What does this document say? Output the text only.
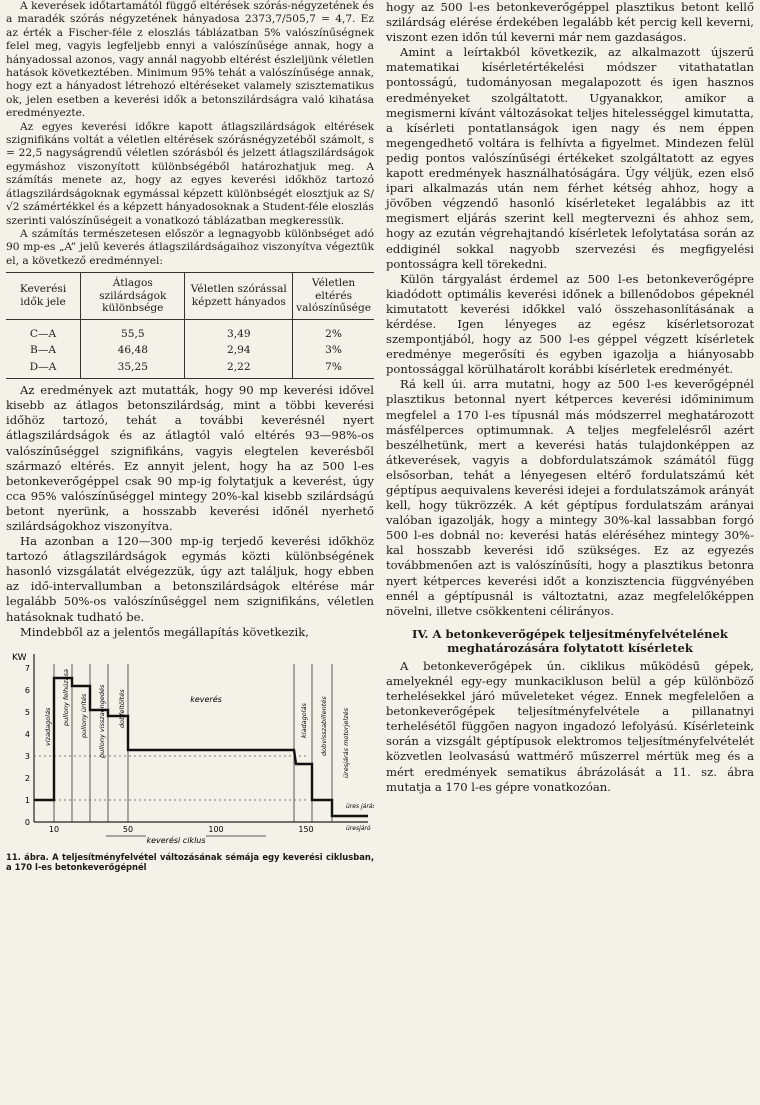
A keverések időtartamától függő eltérések szórás-négyzetének és a maradék szórás négyzetének hányadosa 2373,7/505,7 = 4,7. Ez az érték a Fischer-féle z eloszlás táblázatban 5% valószínűségnek felel meg, vagyis legfeljebb ennyi a valószínűsége annak, hogy a hányadossal azonos, vagy annál nagyobb eltérést észleljünk véletlen hatások következtében. Minimum 95% tehát a valószínűsége annak, hogy ezt a hányadost létrehozó eltéréseket valamely szisztematikus ok, jelen esetben a keverési idők a betonszilárdságra való kihatása eredményezte.

Az egyes keverési időkre kapott átlagszilárdságok eltérések szignifikáns voltát a véletlen eltérések szórásnégyzetéből számolt, s = 22,5 nagyságrendű véletlen szórásból és jelzett átlagszilárdságok egymáshoz viszonyított különbségéből határozhatjuk meg. A számítás menete az, hogy az egyes keverési időkhöz tartozó átlagszilárdságoknak egymással képzett különbségét elosztjuk az S/√2 számértékkel és a képzett hányadosoknak a Student-féle eloszlás szerinti valószínűségeit a vonatkozó táblázatban megkeressük.

A számítás természetesen először a legnagyobb különbséget adó 90 mp-es „A” jelű keverés átlagszilárdságaihoz viszonyítva végeztük el, a következő eredménnyel:

Keverési idők jele	Átlagos szilárdságok különbsége	Véletlen szórással képzett hányados	Véletlen eltérés valószínűsége
C—A	55,5	3,49	2%
B—A	46,48	2,94	3%
D—A	35,25	2,22	7%

Az eredmények azt mutatták, hogy 90 mp keverési idővel kisebb az átlagos betonszilárdság, mint a többi keverési időhöz tartozó, tehát a további keverésnél nyert átlagszilárdságok és az átlagtól való eltérés 93—98%-os valószínűséggel szignifikáns, vagyis elegtelen keverésből származó eltérés. Ez annyit jelent, hogy ha az 500 l-es betonkeverőgéppel csak 90 mp-ig folytatjuk a keverést, úgy cca 95% valószínűséggel mintegy 20%-kal kisebb szilárdságú betont nyerünk, a hosszabb keverési időnél nyerhető szilárdságokhoz viszonyítva.

Ha azonban a 120—300 mp-ig terjedő keverési időkhöz tartozó átlagszilárdságok egymás közti különbségének hasonló vizsgálatát elvégezzük, úgy azt találjuk, hogy ebben az idő-intervallumban a betonszilárdságok eltérése már legalább 50%-os valószínűséggel nem szignifikáns, véletlen hatásoknak tudható be.

Mindebből az a jelentős megállapítás következik,

KW
0
1
2
3
4
5
6
7
10	50	100	150
keverési ciklus
vízadagolás
pullony felhúzása pullony ürítés pullony visszaengedés dobfeltöltés	kiadagolás dobvisszabillentés üresjárás motorjelzés
keverés
üres járás
üresjáró
11. ábra. A teljesítményfelvétel változásának sémája egy keverési ciklusban, a 170 l-es betonkeverőgépnél

hogy az 500 l-es betonkeverőgéppel plasztikus betont kellő szilárdság elérése érdekében legalább két percig kell keverni, viszont ezen időn túl keverni már nem gazdaságos.

Amint a leírtakból következik, az alkalmazott újszerű matematikai kísérletértékelési módszer vitathatatlan pontosságú, tudományosan megalapozott és igen hasznos eredményeket szolgáltatott. Ugyanakkor, amikor a megismerni kívánt változásokat teljes hitelességgel kimutatta, a kísérleti pontatlanságok igen nagy és nem éppen megengedhető voltára is felhívta a figyelmet. Mindezen felül pedig pontos valószínűségi értékeket szolgáltatott az egyes kapott eredmények használhatóságára. Úgy véljük, ezen első ipari alkalmazás után nem férhet kétség ahhoz, hogy a jövőben végzendő hasonló kísérleteket legalábbis az itt megismert eljárás szerint kell megtervezni és ahhoz sem, hogy az ezután végrehajtandó kísérletek lefolytatása során az eddiginél sokkal nagyobb szervezési és megfigyelési pontosságra kell törekedni.

Külön tárgyalást érdemel az 500 l-es betonkeverőgépre kiadódott optimális keverési időnek a billenődobos gépeknél kimutatott keverési időkkel való összehasonlításának a kérdése. Igen lényeges az egész kísérletsorozat szempontjából, hogy az 500 l-es géppel végzett kísérletek eredménye megerősíti és egyben igazolja a hiányosabb pontossággal körülhatárolt korábbi kísérletek eredményét.

Rá kell úi. arra mutatni, hogy az 500 l-es keverőgépnél plasztikus betonnal nyert kétperces keverési időminimum megfelel a 170 l-es típusnál más módszerrel meghatározott másfélperces optimumnak. A teljes megfelelésről azért beszélhetünk, mert a keverési hatás tulajdonképpen az átkeverések, vagyis a dobfordulatszámok számától függ elsősorban, tehát a lényegesen eltérő fordulatszámú két géptípus aequivalens keverési idejei a fordulatszámok arányát kell, hogy tükrözzék. A két géptípus fordulatszám arányai valóban igazolják, hogy a mintegy 30%-kal lassabban forgó 500 l-es dobnál no: keverési hatás eléréséhez mintegy 30%-kal hosszabb keverési idő szükséges. Ez az egyezés továbbmenően azt is valószínűsíti, hogy a plasztikus betonra nyert kétperces keverési időt a konzisztencia függvényében ennél a géptípusnál is változtatni, azaz megfelelőképpen növelni, illetve csökkenteni célirányos.

IV. A betonkeverőgépek teljesítményfelvételének meghatározására folytatott kísérletek

A betonkeverőgépek ún. ciklikus működésű gépek, amelyeknél egy-egy munkacikluson belül a gép különböző terhelésekkel járó műveleteket végez. Ennek megfelelően a betonkeverőgépek teljesítményfelvétele a pillanatnyi terhelésétől függően nagyon ingadozó lefolyású. Kísérleteink során a vizsgált géptípusok elektromos teljesítményfelvételét közvetlen leolvasású wattmérő műszerrel mértük meg és a mért eredmények sematikus ábrázolását a 11. sz. ábra mutatja a 170 l-es gépre vonatkozóan.
